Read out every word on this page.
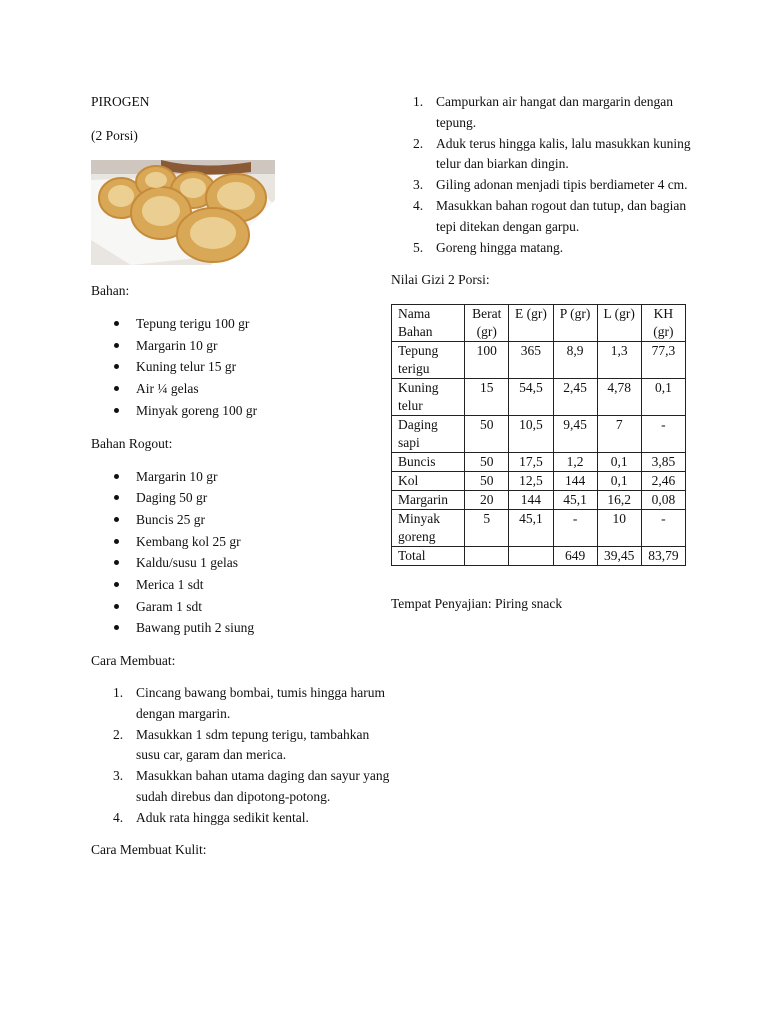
PIROGEN

(2 Porsi)

Bahan:

Tepung terigu 100 gr
Margarin 10 gr
Kuning telur 15 gr
Air ¼ gelas
Minyak goreng 100 gr

Bahan Rogout:

Margarin 10 gr
Daging 50 gr
Buncis 25 gr
Kembang kol 25 gr
Kaldu/susu 1 gelas
Merica 1 sdt
Garam 1 sdt
Bawang putih 2 siung

Cara Membuat:

1. Cincang bawang bombai, tumis hingga harum dengan margarin.
2. Masukkan 1 sdm tepung terigu, tambahkan susu car, garam dan merica.
3. Masukkan bahan utama daging dan sayur yang sudah direbus dan dipotong-potong.
4. Aduk rata hingga sedikit kental.

Cara Membuat Kulit:

1. Campurkan air hangat dan margarin dengan tepung.
2. Aduk terus hingga kalis, lalu masukkan kuning telur dan biarkan dingin.
3. Giling adonan menjadi tipis berdiameter 4 cm.
4. Masukkan bahan rogout dan tutup, dan bagian tepi ditekan dengan garpu.
5. Goreng hingga matang.

Nilai Gizi 2 Porsi:

Nama Bahan	Berat (gr)	E (gr)	P (gr)	L (gr)	KH (gr)
Tepung terigu	100	365	8,9	1,3	77,3
Kuning telur	15	54,5	2,45	4,78	0,1
Daging sapi	50	10,5	9,45	7	-
Buncis	50	17,5	1,2	0,1	3,85
Kol	50	12,5	144	0,1	2,46
Margarin	20	144	45,1	16,2	0,08
Minyak goreng	5	45,1	-	10	-
Total			649	39,45	83,79

Tempat Penyajian: Piring snack
